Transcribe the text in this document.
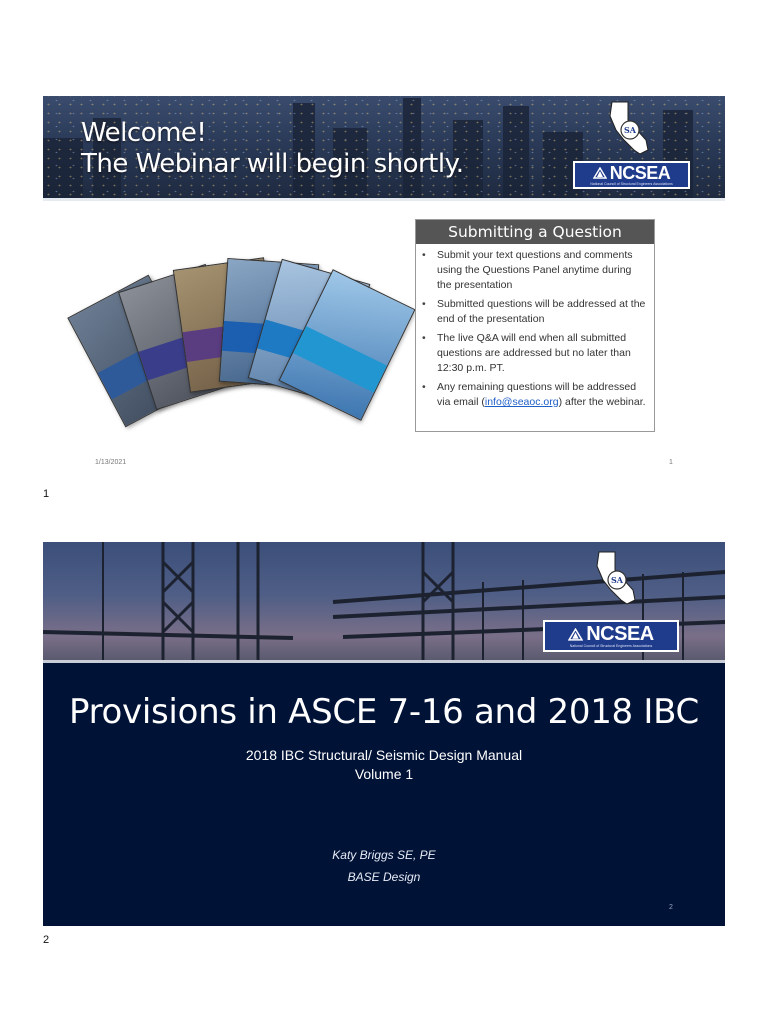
Welcome!
The Webinar will begin shortly.
SA
NCSEA
National Council of Structural Engineers Associations
Submitting a Question
• Submit your text questions and comments using the Questions Panel anytime during the presentation
• Submitted questions will be addressed at the end of the presentation
• The live Q&A will end when all submitted questions are addressed but no later than 12:30 p.m. PT.
• Any remaining questions will be addressed via email (info@seaoc.org) after the webinar.
1/13/2021	1
1
SA
NCSEA
National Council of Structural Engineers Associations
Provisions in ASCE 7-16 and 2018 IBC
2018 IBC Structural/ Seismic Design Manual
Volume 1
Katy Briggs SE, PE
BASE Design
2
2
